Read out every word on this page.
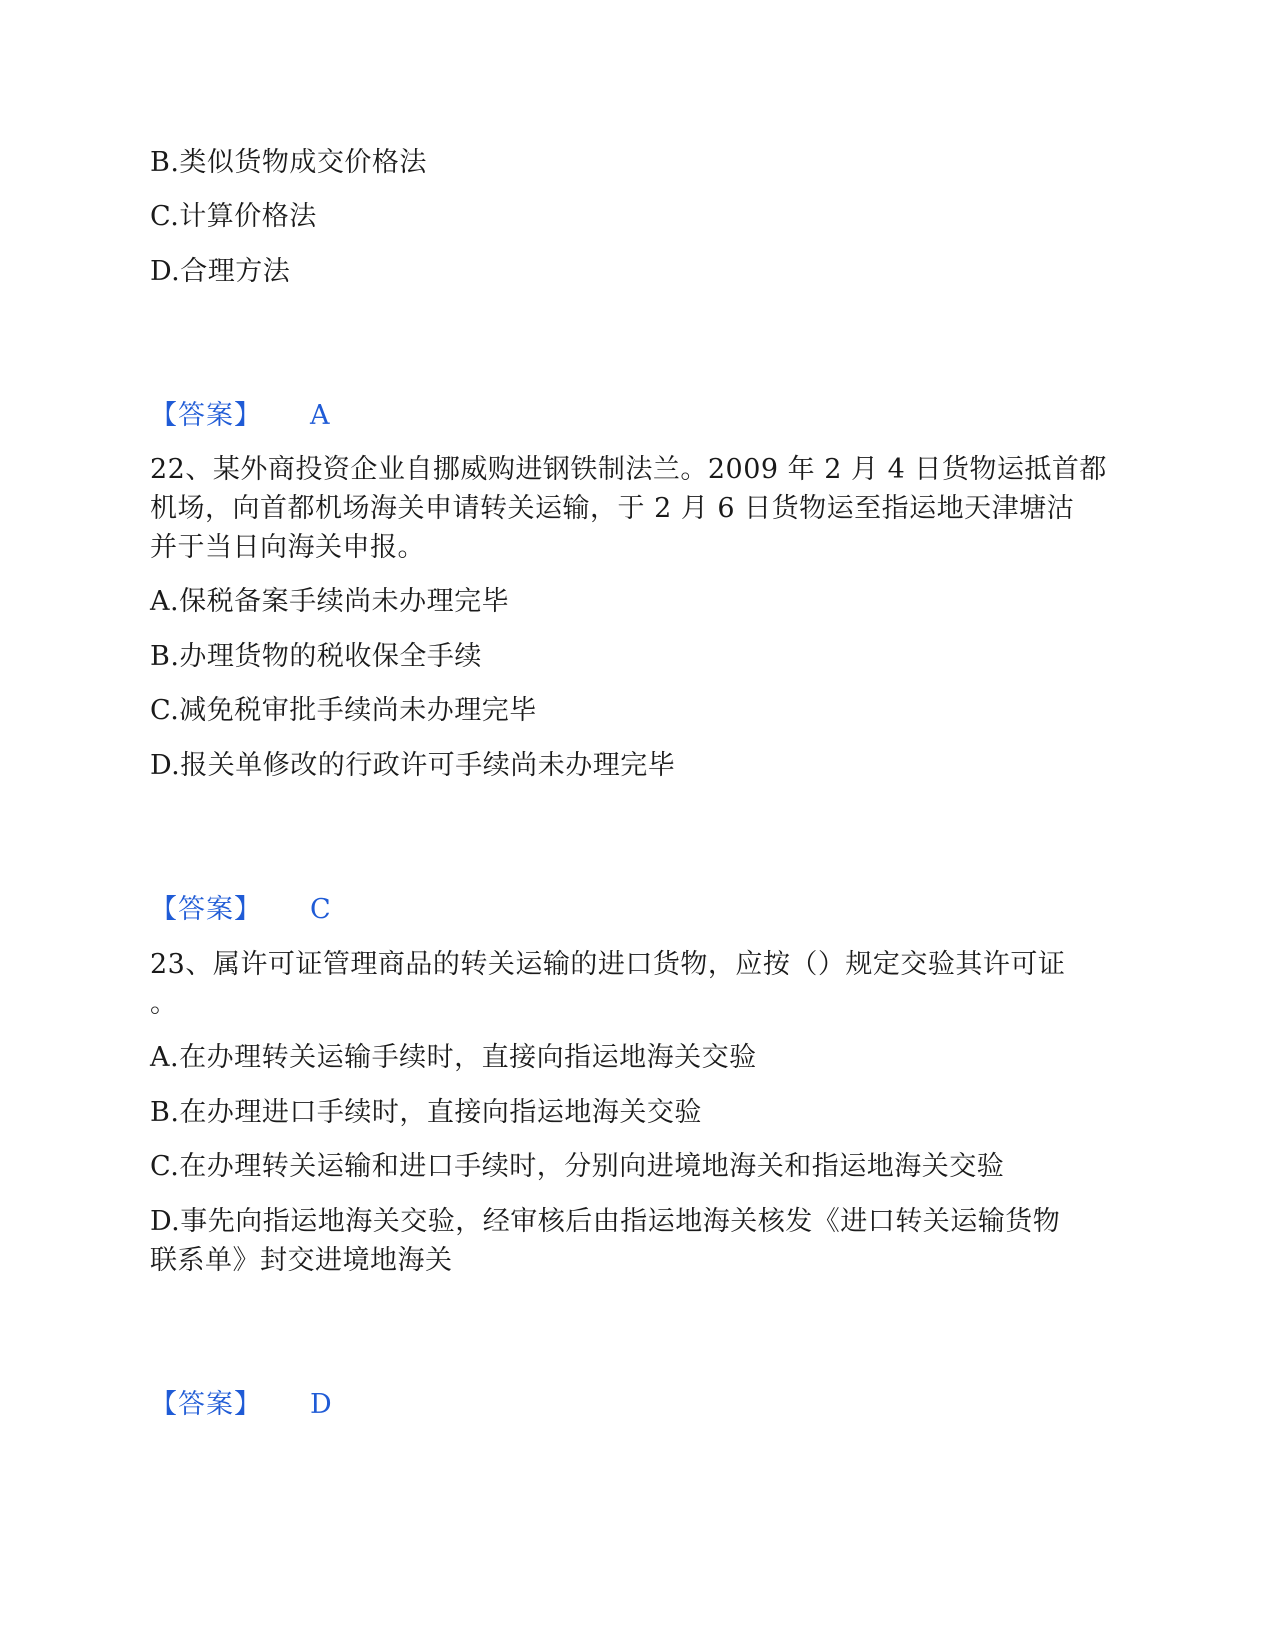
B.类似货物成交价格法
C.计算价格法
D.合理方法
【答案】 A
22、某外商投资企业自挪威购进钢铁制法兰。2009 年 2 月 4 日货物运抵首都
机场，向首都机场海关申请转关运输，于 2 月 6 日货物运至指运地天津塘沽
并于当日向海关申报。
A.保税备案手续尚未办理完毕
B.办理货物的税收保全手续
C.减免税审批手续尚未办理完毕
D.报关单修改的行政许可手续尚未办理完毕
【答案】 C
23、属许可证管理商品的转关运输的进口货物，应按（）规定交验其许可证
。
A.在办理转关运输手续时，直接向指运地海关交验
B.在办理进口手续时，直接向指运地海关交验
C.在办理转关运输和进口手续时，分别向进境地海关和指运地海关交验
D.事先向指运地海关交验，经审核后由指运地海关核发《进口转关运输货物
联系单》封交进境地海关
【答案】 D
